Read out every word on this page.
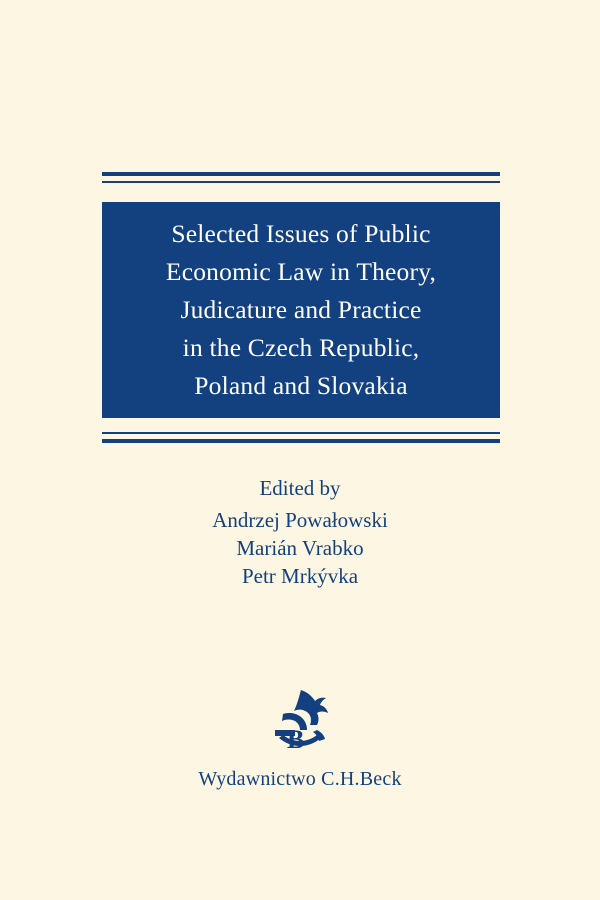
Selected Issues of Public
Economic Law in Theory,
Judicature and Practice
in the Czech Republic,
Poland and Slovakia
Edited by
Andrzej Powałowski
Marián Vrabko
Petr Mrkývka
B
Wydawnictwo C.H.Beck
